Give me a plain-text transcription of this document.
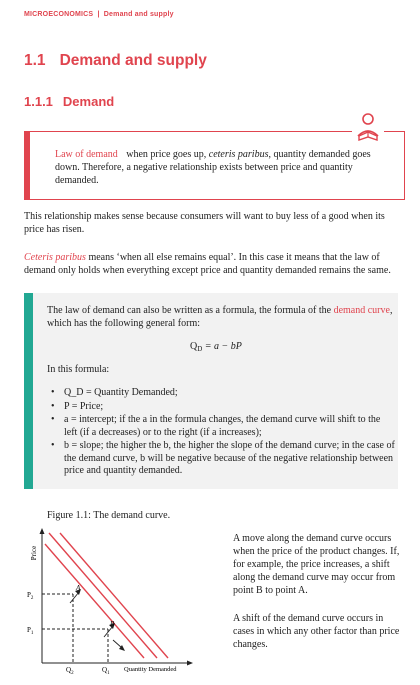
MICROECONOMICS | Demand and supply
1.1 Demand and supply
1.1.1 Demand
Law of demand when price goes up, ceteris paribus, quantity demanded goes down. Therefore, a negative relationship exists between price and quantity demanded.
This relationship makes sense because consumers will want to buy less of a good when its price has risen.
Ceteris paribus means ‘when all else remains equal’. In this case it means that the law of demand only holds when everything except price and quantity demanded remains the same.
The law of demand can also be written as a formula, the formula of the demand curve, which has the following general form:
$Q_D = a$ − bP
In this formula:
• Q_D = Quantity Demanded;
• P = Price;
• a = intercept; if the a in the formula changes, the demand curve will shift to the left (if a decreases) or to the right (if a increases);
• b = slope; the higher the b, the higher the slope of the demand curve; in the case of the demand curve, b will be negative because of the negative relationship between price and quantity demanded.
Figure 1.1: The demand curve.
Price
Quantity Demanded
A
B
$P_2$
$P_1$
$Q_2$	$Q_1$
A move along the demand curve occurs when the price of the product changes. If, for example, the price increases, a shift along the demand curve may occur from point B to point A.
A shift of the demand curve occurs in cases in which any other factor than price changes.
